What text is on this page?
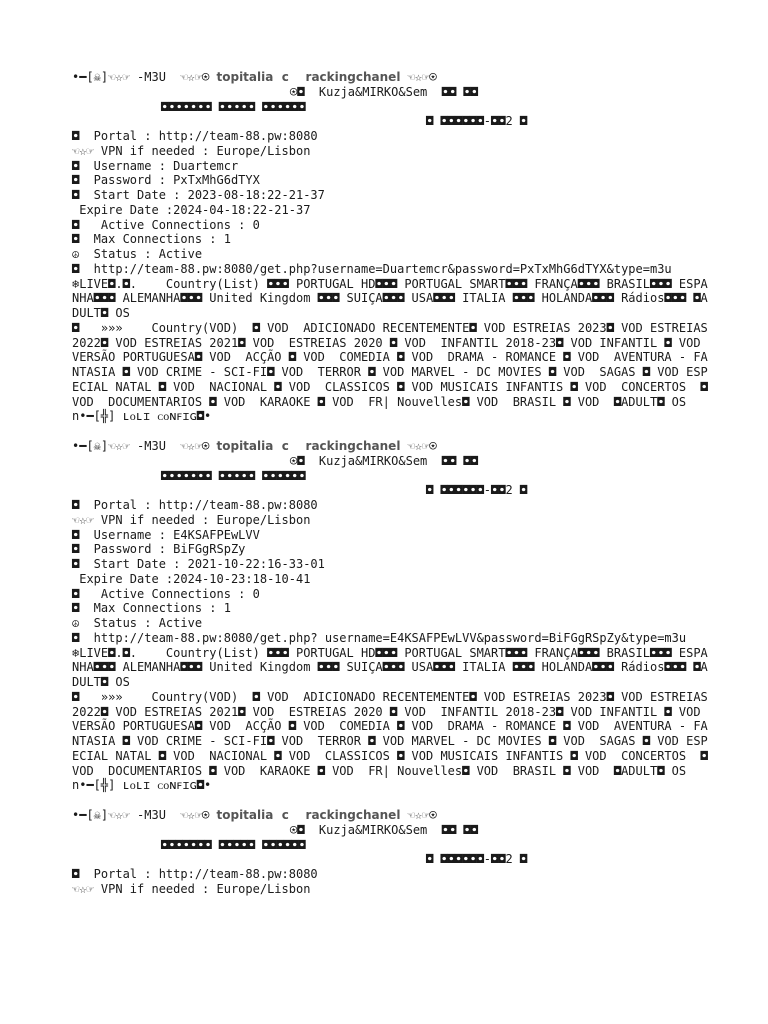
•━[☠]☜☆☞ -M3U  ☜☆☞⍟ topitalia  c    rackingchanel ☜☆☞⍟
⍟◘  Kuzja&MIRKO&Sem  ◘◘ ◘◘
◘◘◘◘◘◘◘ ◘◘◘◘◘ ◘◘◘◘◘◘
◘ ◘◘◘◘◘◘-◘◘2 ◘
◘  Portal : http://team-88.pw:8080
☜☆☞ VPN if needed : Europe/Lisbon
◘  Username : Duartemcr
◘  Password : PxTxMhG6dTYX
◘  Start Date : 2023-08-18:22-21-37
Expire Date :2024-04-18:22-21-37
◘   Active Connections : 0
◘  Max Connections : 1
☮  Status : Active
◘  http://team-88.pw:8080/get.php?username=Duartemcr&password=PxTxMhG6dTYX&type=m3u
❄LIVE◘.◘.    Country(List) ◘◘◘ PORTUGAL HD◘◘◘ PORTUGAL SMART◘◘◘ FRANÇA◘◘◘ BRASIL◘◘◘ ESPANHA◘◘◘ ALEMANHA◘◘◘ United Kingdom ◘◘◘ SUIÇA◘◘◘ USA◘◘◘ ITALIA ◘◘◘ HOLANDA◘◘◘ Rádios◘◘◘ ◘ADULT◘ OS
◘   »»»    Country(VOD)  ◘ VOD  ADICIONADO RECENTEMENTE◘ VOD ESTREIAS 2023◘ VOD ESTREIAS 2022◘ VOD ESTREIAS 2021◘ VOD  ESTREIAS 2020 ◘ VOD  INFANTIL 2018-23◘ VOD INFANTIL ◘ VOD VERSÃO PORTUGUESA◘ VOD  ACÇÃO ◘ VOD  COMEDIA ◘ VOD  DRAMA - ROMANCE ◘ VOD  AVENTURA - FANTASIA ◘ VOD CRIME - SCI-FI◘ VOD  TERROR ◘ VOD MARVEL - DC MOVIES ◘ VOD  SAGAS ◘ VOD ESPECIAL NATAL ◘ VOD  NACIONAL ◘ VOD  CLASSICOS ◘ VOD MUSICAIS INFANTIS ◘ VOD  CONCERTOS  ◘ VOD  DOCUMENTARIOS ◘ VOD  KARAOKE ◘ VOD  FR| Nouvelles◘ VOD  BRASIL ◘ VOD  ◘ADULT◘ OS
n•━[╬] ʟᴏʟɪ ᴄᴏɴꜰɪɢ◘•
•━[☠]☜☆☞ -M3U  ☜☆☞⍟ topitalia  c    rackingchanel ☜☆☞⍟
⍟◘  Kuzja&MIRKO&Sem  ◘◘ ◘◘
◘◘◘◘◘◘◘ ◘◘◘◘◘ ◘◘◘◘◘◘
◘ ◘◘◘◘◘◘-◘◘2 ◘
◘  Portal : http://team-88.pw:8080
☜☆☞ VPN if needed : Europe/Lisbon
◘  Username : E4KSAFPEwLVV
◘  Password : BiFGgRSpZy
◘  Start Date : 2021-10-22:16-33-01
Expire Date :2024-10-23:18-10-41
◘   Active Connections : 0
◘  Max Connections : 1
☮  Status : Active
◘  http://team-88.pw:8080/get.php? username=E4KSAFPEwLVV&password=BiFGgRSpZy&type=m3u
❄LIVE◘.◘.    Country(List) ◘◘◘ PORTUGAL HD◘◘◘ PORTUGAL SMART◘◘◘ FRANÇA◘◘◘ BRASIL◘◘◘ ESPANHA◘◘◘ ALEMANHA◘◘◘ United Kingdom ◘◘◘ SUIÇA◘◘◘ USA◘◘◘ ITALIA ◘◘◘ HOLANDA◘◘◘ Rádios◘◘◘ ◘ADULT◘ OS
◘   »»»    Country(VOD)  ◘ VOD  ADICIONADO RECENTEMENTE◘ VOD ESTREIAS 2023◘ VOD ESTREIAS 2022◘ VOD ESTREIAS 2021◘ VOD  ESTREIAS 2020 ◘ VOD  INFANTIL 2018-23◘ VOD INFANTIL ◘ VOD VERSÃO PORTUGUESA◘ VOD  ACÇÃO ◘ VOD  COMEDIA ◘ VOD  DRAMA - ROMANCE ◘ VOD  AVENTURA - FANTASIA ◘ VOD CRIME - SCI-FI◘ VOD  TERROR ◘ VOD MARVEL - DC MOVIES ◘ VOD  SAGAS ◘ VOD ESPECIAL NATAL ◘ VOD  NACIONAL ◘ VOD  CLASSICOS ◘ VOD MUSICAIS INFANTIS ◘ VOD  CONCERTOS  ◘ VOD  DOCUMENTARIOS ◘ VOD  KARAOKE ◘ VOD  FR| Nouvelles◘ VOD  BRASIL ◘ VOD  ◘ADULT◘ OS
n•━[╬] ʟᴏʟɪ ᴄᴏɴꜰɪɢ◘•
•━[☠]☜☆☞ -M3U  ☜☆☞⍟ topitalia  c    rackingchanel ☜☆☞⍟
⍟◘  Kuzja&MIRKO&Sem  ◘◘ ◘◘
◘◘◘◘◘◘◘ ◘◘◘◘◘ ◘◘◘◘◘◘
◘ ◘◘◘◘◘◘-◘◘2 ◘
◘  Portal : http://team-88.pw:8080
☜☆☞ VPN if needed : Europe/Lisbon
